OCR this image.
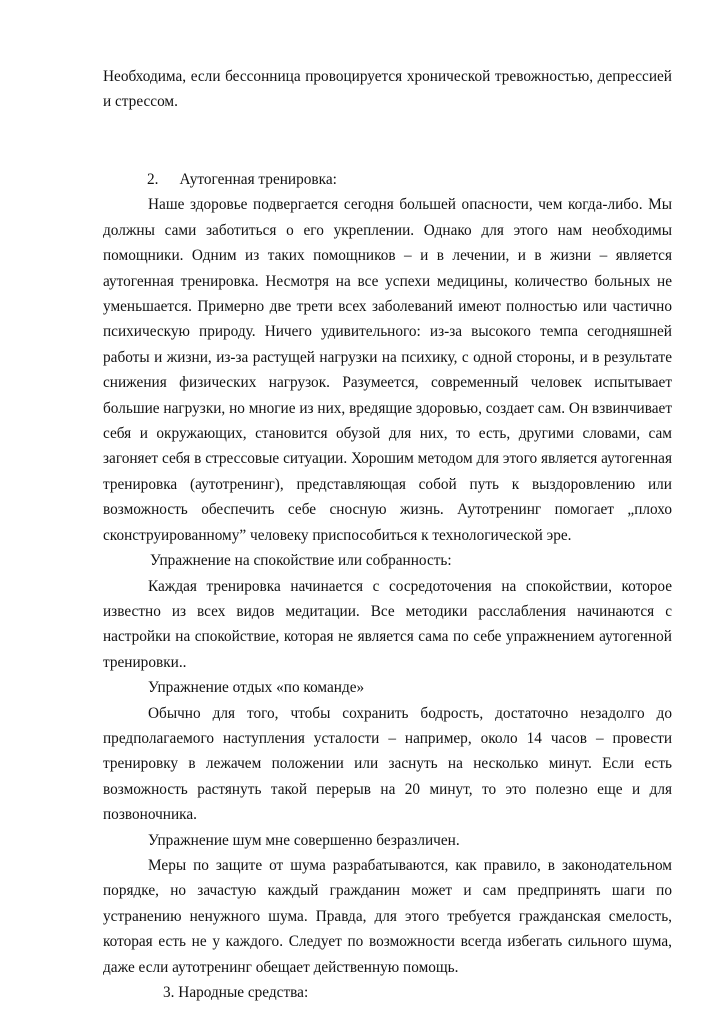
Необходима, если бессонница провоцируется хронической тревожностью, депрессией и стрессом.

2. Аутогенная тренировка:

Наше здоровье подвергается сегодня большей опасности, чем когда-либо. Мы должны сами заботиться о его укреплении. Однако для этого нам необходимы помощники. Одним из таких помощников – и в лечении, и в жизни – является аутогенная тренировка. Несмотря на все успехи медицины, количество больных не уменьшается. Примерно две трети всех заболеваний имеют полностью или частично психическую природу. Ничего удивительного: из-за высокого темпа сегодняшней работы и жизни, из-за растущей нагрузки на психику, с одной стороны, и в результате снижения физических нагрузок. Разумеется, современный человек испытывает большие нагрузки, но многие из них, вредящие здоровью, создает сам. Он взвинчивает себя и окружающих, становится обузой для них, то есть, другими словами, сам загоняет себя в стрессовые ситуации. Хорошим методом для этого является аутогенная тренировка (аутотренинг), представляющая собой путь к выздоровлению или возможность обеспечить себе сносную жизнь. Аутотренинг помогает „плохо сконструированному” человеку приспособиться к технологической эре.

Упражнение на спокойствие или собранность:

Каждая тренировка начинается с сосредоточения на спокойствии, которое известно из всех видов медитации. Все методики расслабления начинаются с настройки на спокойствие, которая не является сама по себе упражнением аутогенной тренировки..

Упражнение отдых «по команде»

Обычно для того, чтобы сохранить бодрость, достаточно незадолго до предполагаемого наступления усталости – например, около 14 часов – провести тренировку в лежачем положении или заснуть на несколько минут. Если есть возможность растянуть такой перерыв на 20 минут, то это полезно еще и для позвоночника.

Упражнение шум мне совершенно безразличен.

Меры по защите от шума разрабатываются, как правило, в законодательном порядке, но зачастую каждый гражданин может и сам предпринять шаги по устранению ненужного шума. Правда, для этого требуется гражданская смелость, которая есть не у каждого. Следует по возможности всегда избегать сильного шума, даже если аутотренинг обещает действенную помощь.

3. Народные средства:
